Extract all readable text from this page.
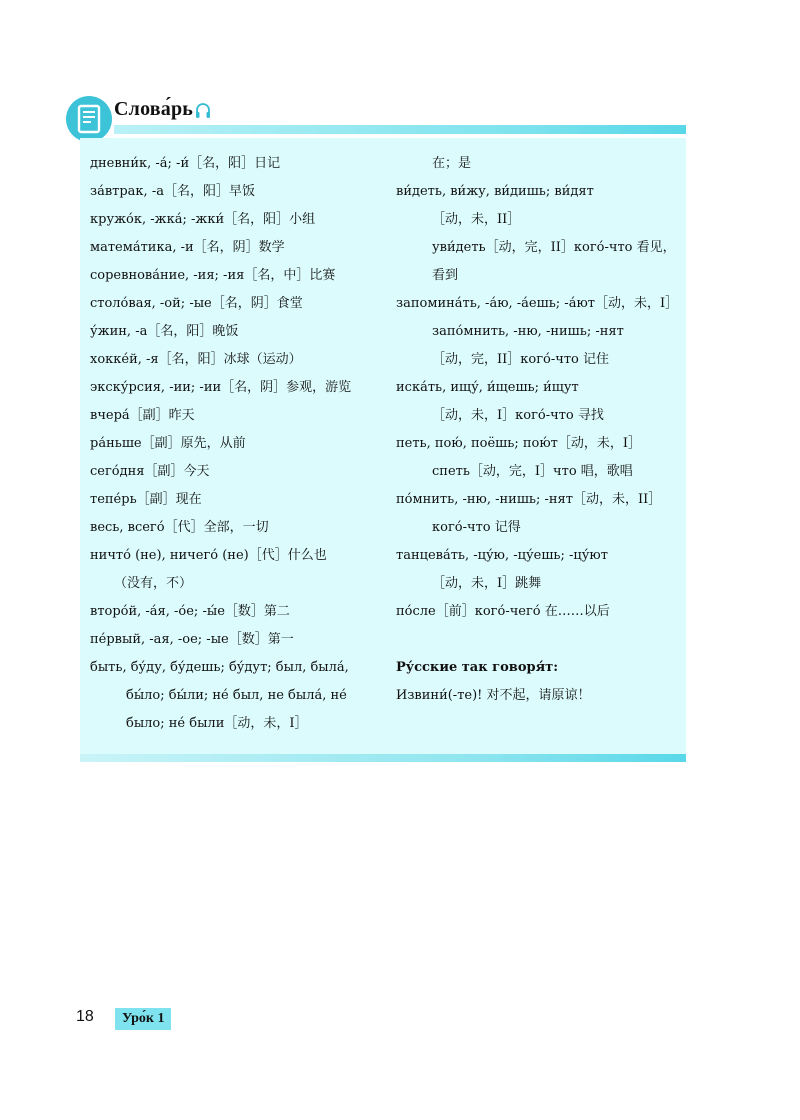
Слова́рь
дневни́к, -а́; -и́［名，阳］日记
за́втрак, -а［名，阳］早饭
кружо́к, -жка́; -жки́［名，阳］小组
матема́тика, -и［名，阴］数学
соревнова́ние, -ия; -ия［名，中］比赛
столо́вая, -ой; -ые［名，阴］食堂
у́жин, -а［名，阳］晚饭
хокке́й, -я［名，阳］冰球（运动）
экску́рсия, -ии; -ии［名，阴］参观，游览
вчера́［副］昨天
ра́ньше［副］原先，从前
сего́дня［副］今天
тепе́рь［副］现在
весь, всего́［代］全部，一切
ничто́ (не), ничего́ (не)［代］什么也
（没有，不）
второ́й, -а́я, -о́е; -ы́е［数］第二
пе́рвый, -ая, -ое; -ые［数］第一
быть, бу́ду, бу́дешь; бу́дут; был, была́,
бы́ло; бы́ли; не́ был, не была́, не́
было; не́ были［动，未，I］
在；是
ви́деть, ви́жу, ви́дишь; ви́дят
［动，未，II］
уви́деть［动，完，II］кого́-что 看见，
看到
запомина́ть, -а́ю, -а́ешь; -а́ют［动，未，I］
запо́мнить, -ню, -нишь; -нят
［动，完，II］кого́-что 记住
иска́ть, ищу́, и́щешь; и́щут
［动，未，I］кого́-что 寻找
петь, пою́, поёшь; пою́т［动，未，I］
спеть［动，完，I］что 唱，歌唱
по́мнить, -ню, -нишь; -нят［动，未，II］
кого́-что 记得
танцева́ть, -цу́ю, -цу́ешь; -цу́ют
［动，未，I］跳舞
по́сле［前］кого́-чего́ 在……以后
Ру́сские так говоря́т:
Извини́(-те)! 对不起，请原谅！
18	Уро́к 1
